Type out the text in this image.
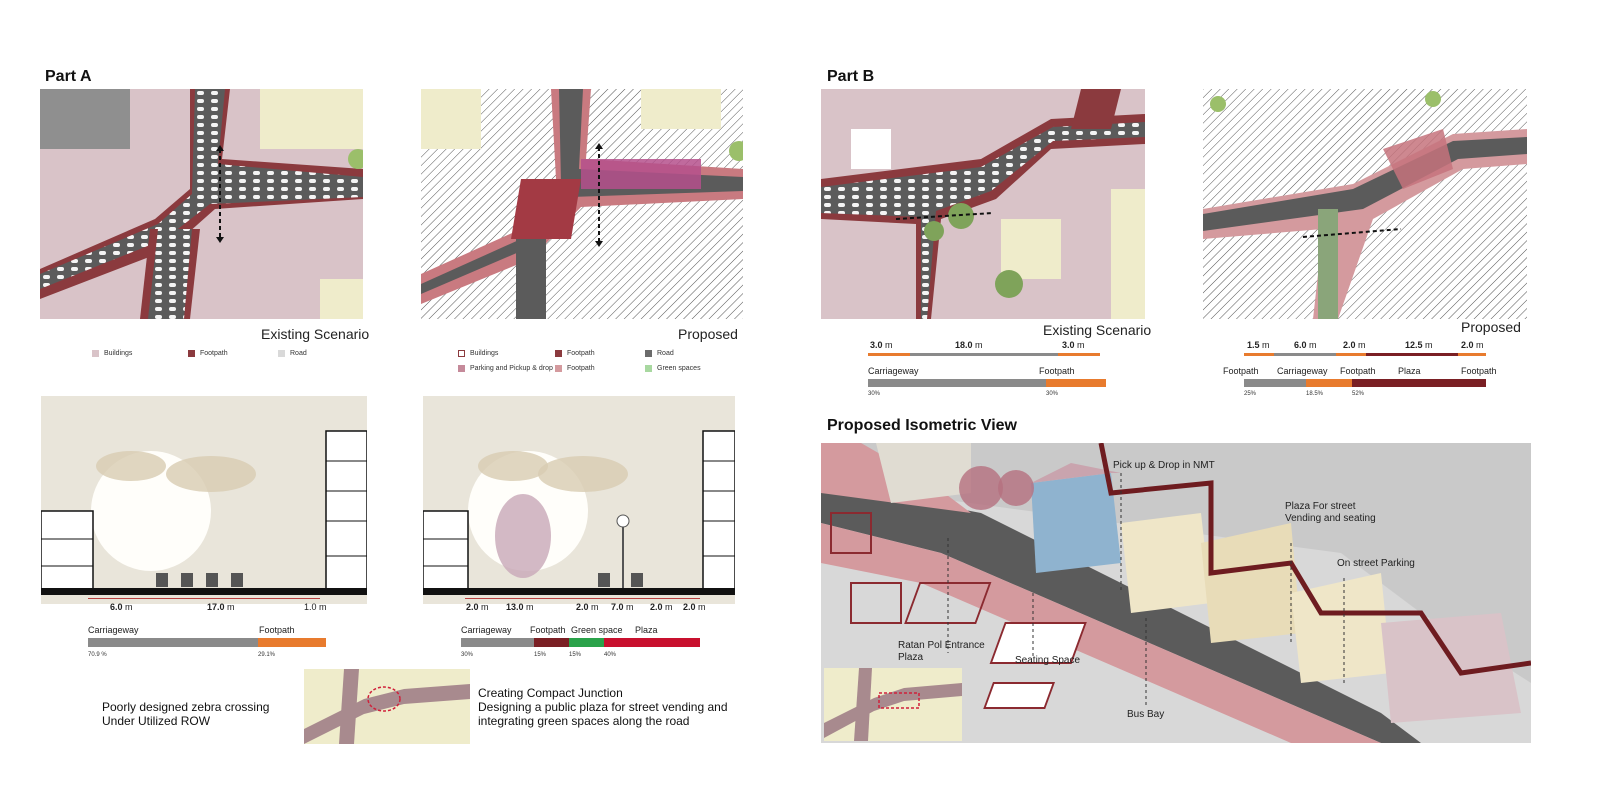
Part A
Existing Scenario
Buildings	Footpath	Road
Proposed
Buildings	Footpath	Road
Parking and Pickup & drop Footpath	Green spaces
6.0 m	17.0 m	1.0 m
Carriageway	Footpath
70.9 %	29.1%
2.0 m 13.0 m	2.0 m 7.0 m 2.0 m 2.0 m
Carriageway Footpath Green space Plaza
30%	15%	15%	40%
Poorly designed zebra crossing
Under Utilized ROW
Creating Compact Junction
Designing a public plaza for street vending and
integrating green spaces along the road
Part B
Existing Scenario
3.0 m	18.0 m	3.0 m
Carriageway	Footpath
30%	30%
Proposed
1.5 m	6.0 m	2.0 m	12.5 m	2.0 m
Footpath Carriageway Footpath Plaza	Footpath
25%	18.5%	52%
Proposed Isometric View
Pick up & Drop in NMT
Plaza For street
Vending and seating
On street Parking
Ratan Pol Entrance
Plaza	Seating Space
Bus Bay
